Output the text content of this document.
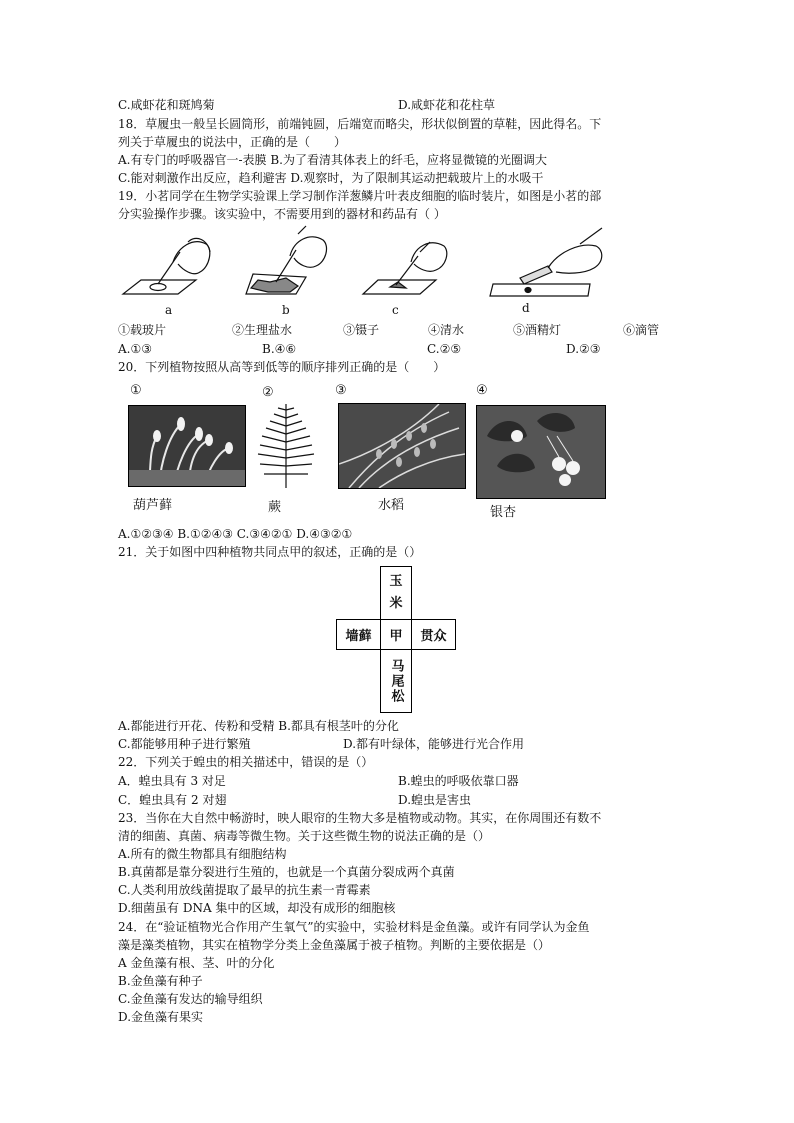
C.咸虾花和斑鸠菊	D.咸虾花和花柱草
18．草履虫一般呈长圆筒形，前端钝圆，后端宽而略尖，形状似倒置的草鞋，因此得名。下
列关于草履虫的说法中，正确的是（　　）
A.有专门的呼吸器官一-表膜 B.为了看清其体表上的纤毛，应将显微镜的光圈调大
C.能对刺激作出反应，趋利避害 D.观察时，为了限制其运动把载玻片上的水吸干
19．小茗同学在生物学实验课上学习制作洋葱鳞片叶表皮细胞的临时装片，如图是小茗的部
分实验操作步骤。该实验中，不需要用到的器材和药品有（ ）
a	b	c	d
①载玻片	②生理盐水	③镊子	④清水	⑤酒精灯	⑥滴管
A.①③	B.④⑥	C.②⑤	D.②③
20．下列植物按照从高等到低等的顺序排列正确的是（　　）
①	②	③	④
葫芦藓	蕨	水稻	银杏
A.①②③④ B.①②④③ C.③④②① D.④③②①
21．关于如图中四种植物共同点甲的叙述，正确的是（）
玉
米
墙藓	甲	贯众
马尾松
A.都能进行开花、传粉和受精 B.都具有根茎叶的分化
C.都能够用种子进行繁殖	D.都有叶绿体，能够进行光合作用
22．下列关于蝗虫的相关描述中，错误的是（）
A．蝗虫具有 3 对足	B.蝗虫的呼吸依靠口器
C．蝗虫具有 2 对翅	D.蝗虫是害虫
23．当你在大自然中畅游时，映人眼帘的生物大多是植物或动物。其实，在你周围还有数不
清的细菌、真菌、病毒等微生物。关于这些微生物的说法正确的是（）
A.所有的微生物都具有细胞结构
B.真菌都是靠分裂进行生殖的，也就是一个真菌分裂成两个真菌
C.人类利用放线菌提取了最早的抗生素一青霉素
D.细菌虽有 DNA 集中的区域，却没有成形的细胞核
24．在“验证植物光合作用产生氧气”的实验中，实验材料是金鱼藻。或许有同学认为金鱼
藻是藻类植物，其实在植物学分类上金鱼藻属于被子植物。判断的主要依据是（）
A 金鱼藻有根、茎、叶的分化
B.金鱼藻有种子
C.金鱼藻有发达的输导组织
D.金鱼藻有果实
